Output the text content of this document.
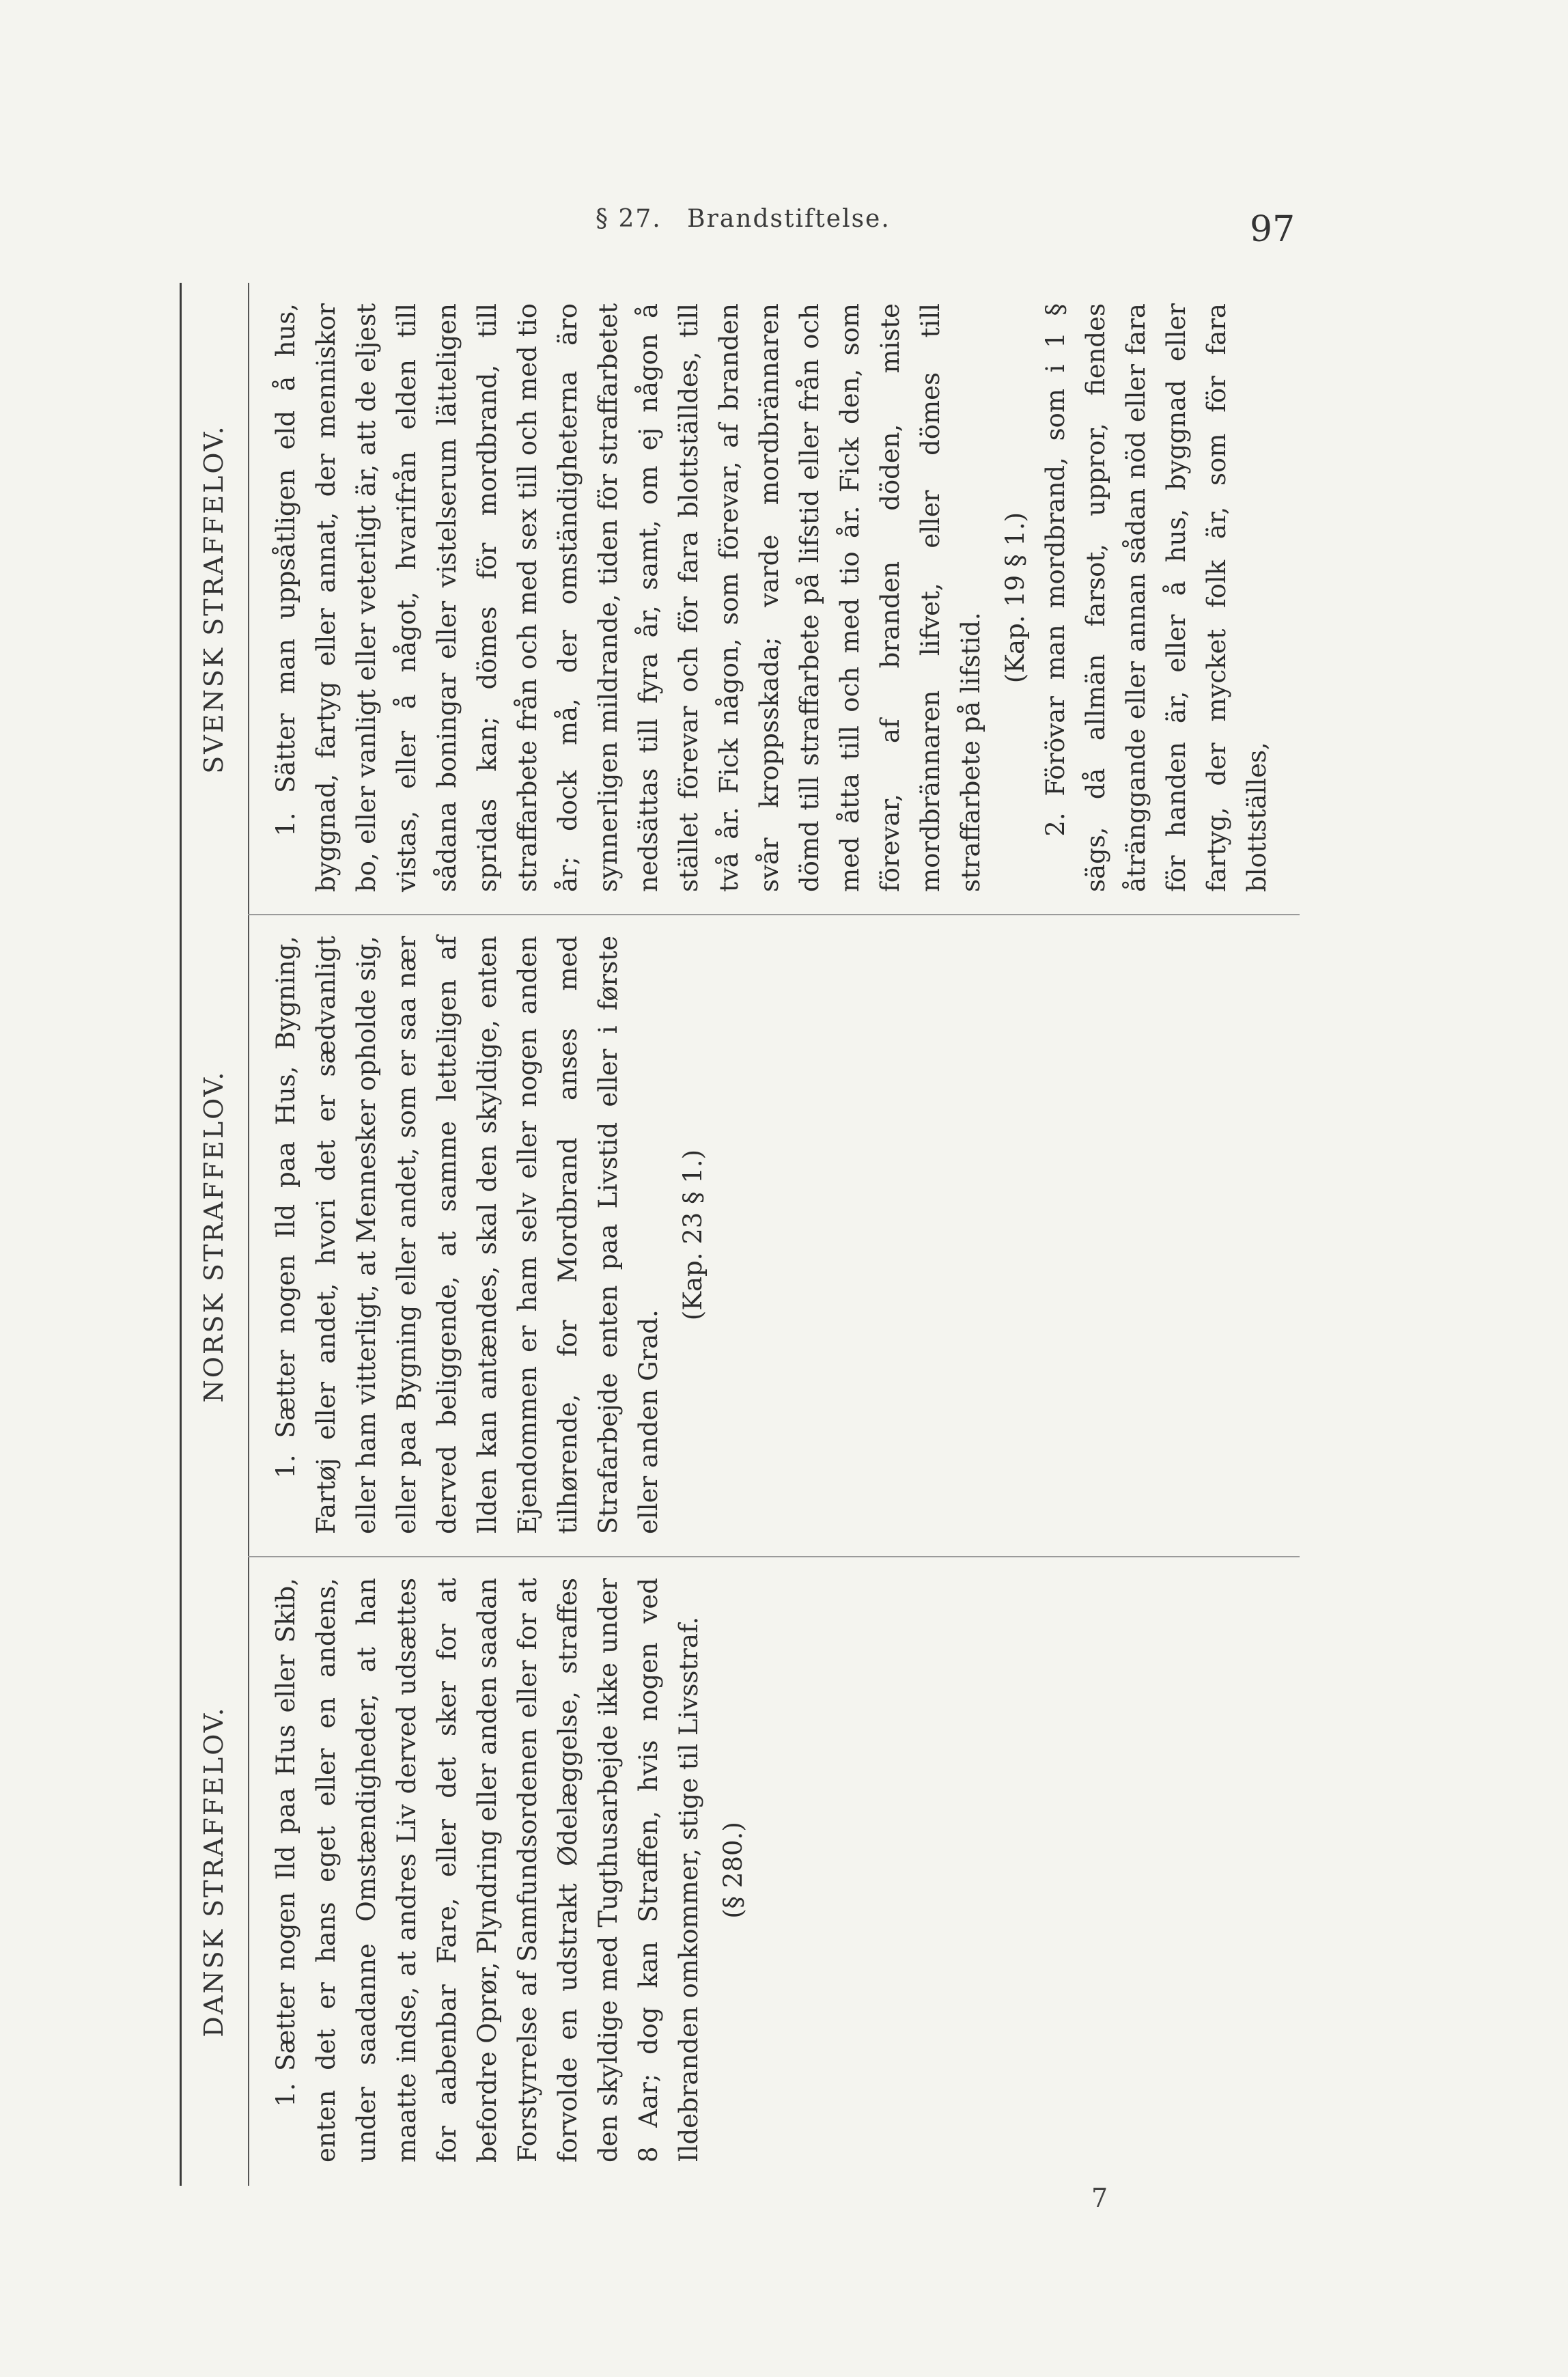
§ 27. Brandstiftelse.	97
DANSK STRAFFELOV.
NORSK STRAFFELOV.
SVENSK STRAFFELOV.

1. Sætter nogen Ild paa Hus eller Skib, enten det er hans eget eller en andens, under saadanne Omstændigheder, at han maatte indse, at andres Liv derved udsættes for aabenbar Fare, eller det sker for at befordre Oprør, Plyndring eller anden saadan Forstyrrelse af Samfundsordenen eller for at forvolde en udstrakt Ødelæggelse, straffes den skyldige med Tugthusarbejde ikke under 8 Aar; dog kan Straffen, hvis nogen ved Ildebranden omkommer, stige til Livsstraf. (§ 280.)

1. Sætter nogen Ild paa Hus, Bygning, Fartøj eller andet, hvori det er sædvanligt eller ham vitterligt, at Mennesker opholde sig, eller paa Bygning eller andet, som er saa nær derved beliggende, at samme letteligen af Ilden kan antændes, skal den skyldige, enten Ejendommen er ham selv eller nogen anden tilhørende, for Mordbrand anses med Strafarbejde enten paa Livstid eller i første eller anden Grad.

(Kap. 23 § 1.)

1. Sätter man uppsåtligen eld å hus, byggnad, fartyg eller annat, der menniskor bo, eller vanligt eller veterligt är, att de eljest vistas, eller å något, hvarifrån elden till sådana boningar eller vistelserum lätteligen spridas kan; dömes för mordbrand, till straffarbete från och med sex till och med tio år; dock må, der omständigheterna äro synnerligen mildrande, tiden för straffarbetet nedsättas till fyra år, samt, om ej någon å stället förevar och för fara blottställdes, till två år. Fick någon, som förevar, af branden svår kroppsskada; varde mordbrännaren dömd till straffarbete på lifstid eller från och med åtta till och med tio år. Fick den, som förevar, af branden döden, miste mordbrännaren lifvet, eller dömes till straffarbete på lifstid.

(Kap. 19 § 1.) 2. Förövar man mordbrand, som i 1 § sägs, då allmän farsot, uppror, fiendes åtränggande eller annan sådan nöd eller fara för handen är, eller å hus, byggnad eller fartyg, der mycket folk är, som för fara blottställes,

7
